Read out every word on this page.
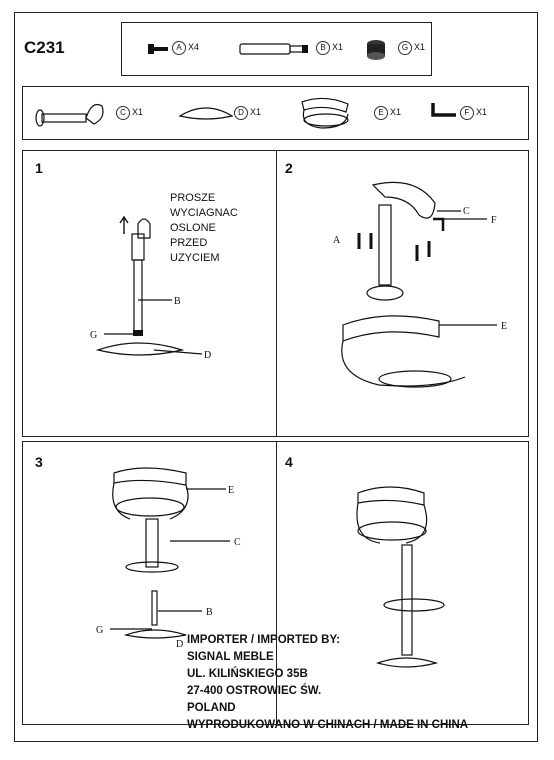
C231	A X4	B X1	G X1
C X1	D X1	E X1	F X1
1	2
3	4
PROSZE
WYCIAGNAC
OSLONE
PRZED
UZYCIEM
B
G
D
A
C
F
E
E
C
B
G
D IMPORTER / IMPORTED BY:
SIGNAL MEBLE
UL. KILIŃSKIEGO 35B
27-400 OSTROWIEC ŚW.
POLAND
WYPRODUKOWANO W CHINACH / MADE IN CHINA
